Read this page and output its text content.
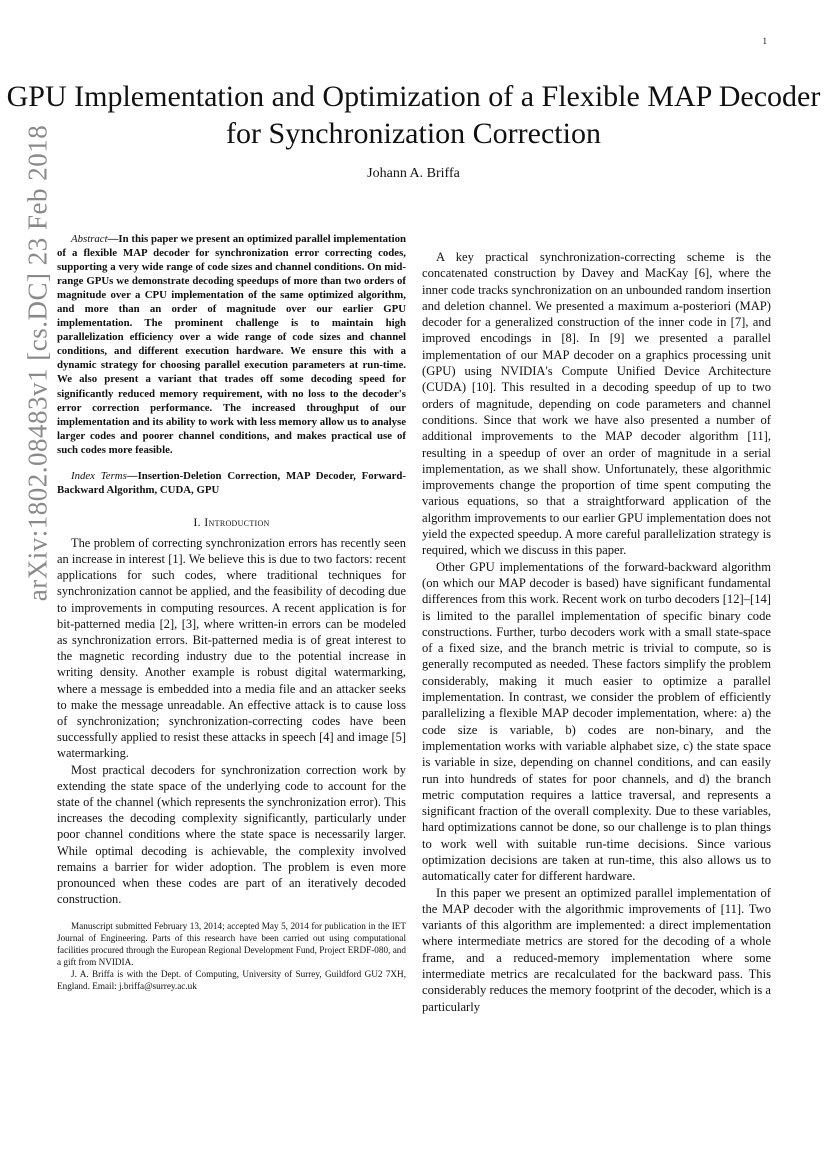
1
arXiv:1802.08483v1 [cs.DC] 23 Feb 2018
GPU Implementation and Optimization of a Flexible MAP Decoder for Synchronization Correction
Johann A. Briffa

Abstract—In this paper we present an optimized parallel implementation of a flexible MAP decoder for synchronization error correcting codes, supporting a very wide range of code sizes and channel conditions. On mid-range GPUs we demonstrate decoding speedups of more than two orders of magnitude over a CPU implementation of the same optimized algorithm, and more than an order of magnitude over our earlier GPU implementation. The prominent challenge is to maintain high parallelization efficiency over a wide range of code sizes and channel conditions, and different execution hardware. We ensure this with a dynamic strategy for choosing parallel execution parameters at run-time. We also present a variant that trades off some decoding speed for significantly reduced memory requirement, with no loss to the decoder's error correction performance. The increased throughput of our implementation and its ability to work with less memory allow us to analyse larger codes and poorer channel conditions, and makes practical use of such codes more feasible.

Index Terms—Insertion-Deletion Correction, MAP Decoder, Forward-Backward Algorithm, CUDA, GPU

I. Introduction

The problem of correcting synchronization errors has recently seen an increase in interest [1]. We believe this is due to two factors: recent applications for such codes, where traditional techniques for synchronization cannot be applied, and the feasibility of decoding due to improvements in computing resources. A recent application is for bit-patterned media [2], [3], where written-in errors can be modeled as synchronization errors. Bit-patterned media is of great interest to the magnetic recording industry due to the potential increase in writing density. Another example is robust digital watermarking, where a message is embedded into a media file and an attacker seeks to make the message unreadable. An effective attack is to cause loss of synchronization; synchronization-correcting codes have been successfully applied to resist these attacks in speech [4] and image [5] watermarking.

Most practical decoders for synchronization correction work by extending the state space of the underlying code to account for the state of the channel (which represents the synchronization error). This increases the decoding complexity significantly, particularly under poor channel conditions where the state space is necessarily larger. While optimal decoding is achievable, the complexity involved remains a barrier for wider adoption. The problem is even more pronounced when these codes are part of an iteratively decoded construction.

Manuscript submitted February 13, 2014; accepted May 5, 2014 for publication in the IET Journal of Engineering. Parts of this research have been carried out using computational facilities procured through the European Regional Development Fund, Project ERDF-080, and a gift from NVIDIA.

J. A. Briffa is with the Dept. of Computing, University of Surrey, Guildford GU2 7XH, England. Email: j.briffa@surrey.ac.uk

A key practical synchronization-correcting scheme is the concatenated construction by Davey and MacKay [6], where the inner code tracks synchronization on an unbounded random insertion and deletion channel. We presented a maximum a-posteriori (MAP) decoder for a generalized construction of the inner code in [7], and improved encodings in [8]. In [9] we presented a parallel implementation of our MAP decoder on a graphics processing unit (GPU) using NVIDIA's Compute Unified Device Architecture (CUDA) [10]. This resulted in a decoding speedup of up to two orders of magnitude, depending on code parameters and channel conditions. Since that work we have also presented a number of additional improvements to the MAP decoder algorithm [11], resulting in a speedup of over an order of magnitude in a serial implementation, as we shall show. Unfortunately, these algorithmic improvements change the proportion of time spent computing the various equations, so that a straightforward application of the algorithm improvements to our earlier GPU implementation does not yield the expected speedup. A more careful parallelization strategy is required, which we discuss in this paper.

Other GPU implementations of the forward-backward algorithm (on which our MAP decoder is based) have significant fundamental differences from this work. Recent work on turbo decoders [12]–[14] is limited to the parallel implementation of specific binary code constructions. Further, turbo decoders work with a small state-space of a fixed size, and the branch metric is trivial to compute, so is generally recomputed as needed. These factors simplify the problem considerably, making it much easier to optimize a parallel implementation. In contrast, we consider the problem of efficiently parallelizing a flexible MAP decoder implementation, where: a) the code size is variable, b) codes are non-binary, and the implementation works with variable alphabet size, c) the state space is variable in size, depending on channel conditions, and can easily run into hundreds of states for poor channels, and d) the branch metric computation requires a lattice traversal, and represents a significant fraction of the overall complexity. Due to these variables, hard optimizations cannot be done, so our challenge is to plan things to work well with suitable run-time decisions. Since various optimization decisions are taken at run-time, this also allows us to automatically cater for different hardware.

In this paper we present an optimized parallel implementation of the MAP decoder with the algorithmic improvements of [11]. Two variants of this algorithm are implemented: a direct implementation where intermediate metrics are stored for the decoding of a whole frame, and a reduced-memory implementation where some intermediate metrics are recalculated for the backward pass. This considerably reduces the memory footprint of the decoder, which is a particularly
